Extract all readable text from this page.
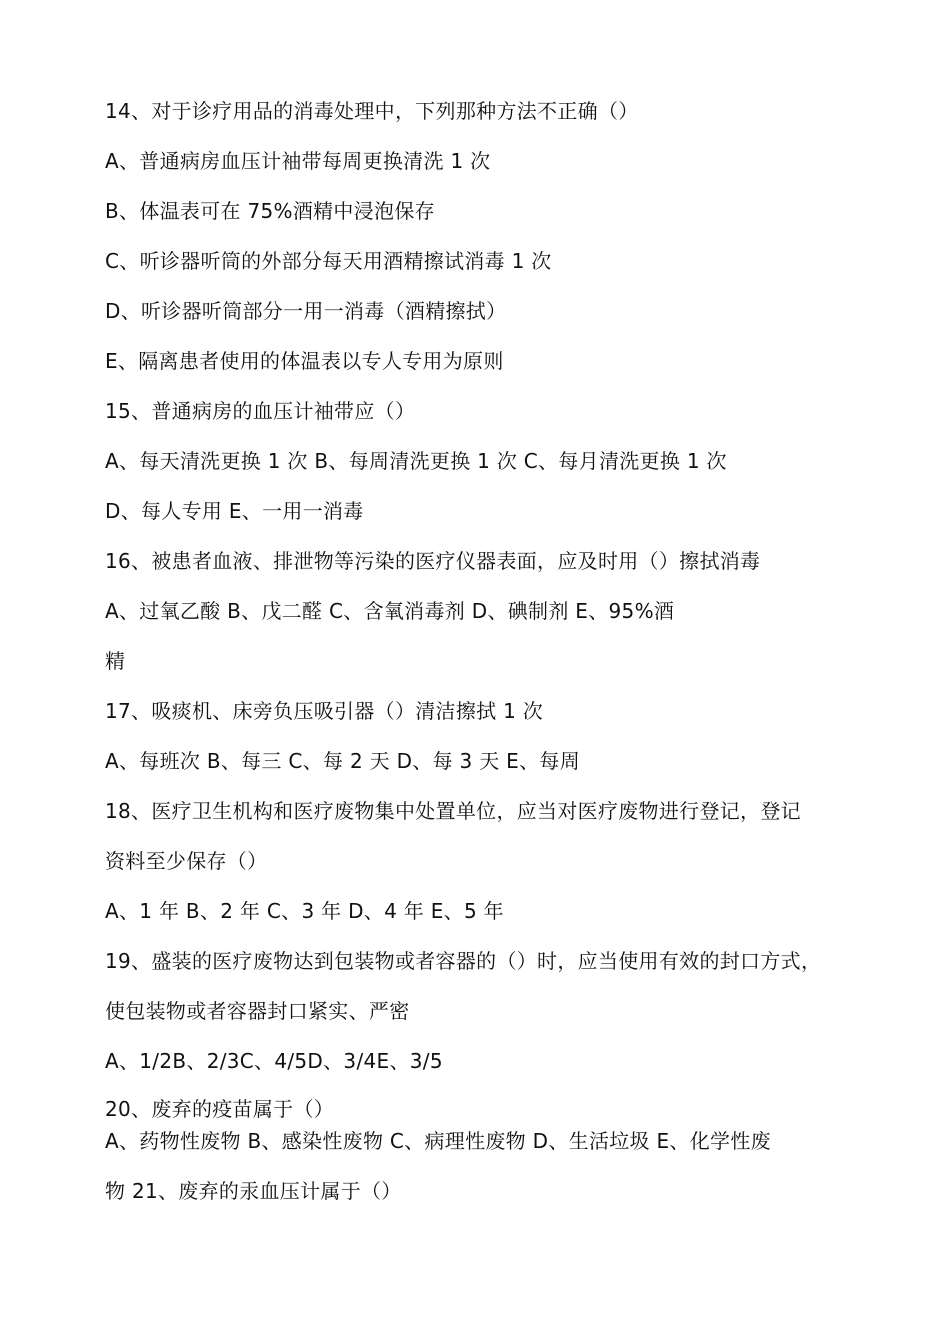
14、对于诊疗用品的消毒处理中，下列那种方法不正确（）

A、普通病房血压计袖带每周更换清洗 1 次

B、体温表可在 75%酒精中浸泡保存

C、听诊器听筒的外部分每天用酒精擦试消毒 1 次

D、听诊器听筒部分一用一消毒（酒精擦拭）

E、隔离患者使用的体温表以专人专用为原则

15、普通病房的血压计袖带应（）

A、每天清洗更换 1 次 B、每周清洗更换 1 次 C、每月清洗更换 1 次

D、每人专用 E、一用一消毒

16、被患者血液、排泄物等污染的医疗仪器表面，应及时用（）擦拭消毒

A、过氧乙酸 B、戊二醛 C、含氧消毒剂 D、碘制剂 E、95%酒

精

17、吸痰机、床旁负压吸引器（）清洁擦拭 1 次

A、每班次 B、每三 C、每 2 天 D、每 3 天 E、每周

18、医疗卫生机构和医疗废物集中处置单位，应当对医疗废物进行登记，登记

资料至少保存（）

A、1 年 B、2 年 C、3 年 D、4 年 E、5 年

19、盛装的医疗废物达到包装物或者容器的（）时，应当使用有效的封口方式，

使包装物或者容器封口紧实、严密

A、1/2B、2/3C、4/5D、3/4E、3/5

20、废弃的疫苗属于（）

A、药物性废物 B、感染性废物 C、病理性废物 D、生活垃圾 E、化学性废

物 21、废弃的汞血压计属于（）
